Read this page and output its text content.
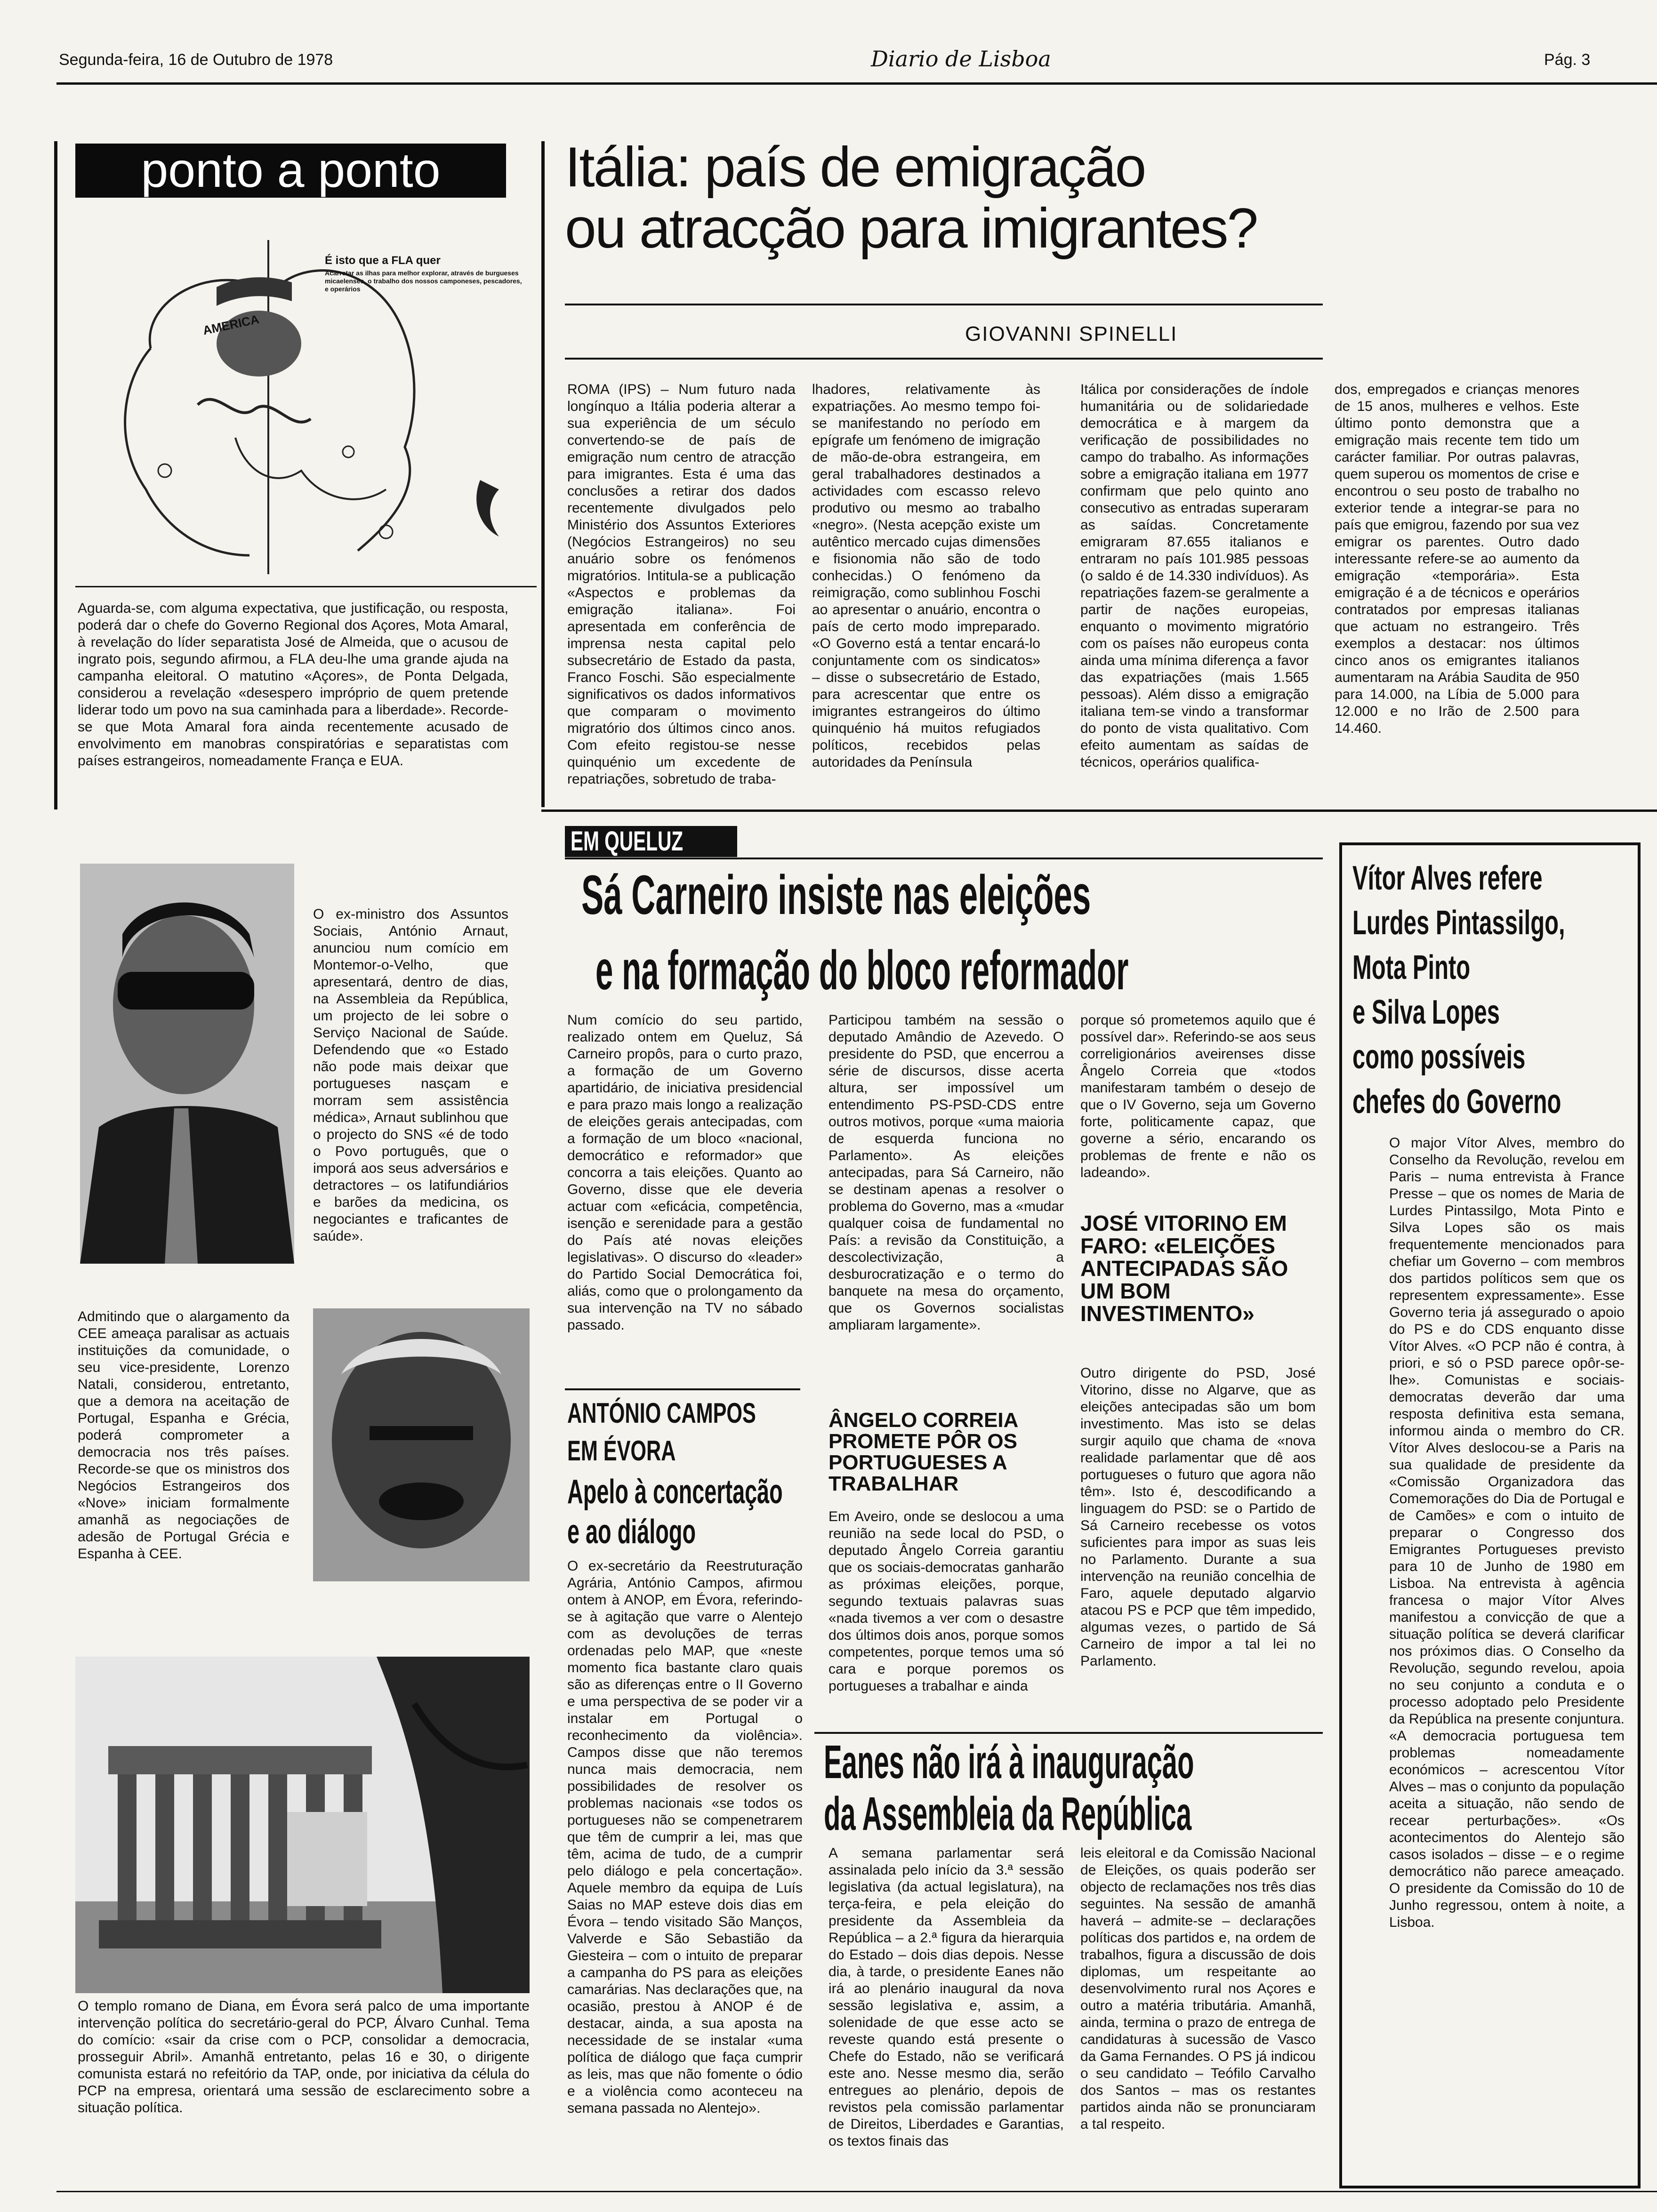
Segunda-feira, 16 de Outubro de 1978	Diario de Lisboa	Pág. 3
ponto a ponto
AMERICA
É isto que a FLA quer
Acarretar as ilhas para melhor explorar, através de burgueses micaelenses, o trabalho dos nossos camponeses, pescadores, e operários

Aguarda-se, com alguma expectativa, que justificação, ou resposta, poderá dar o chefe do Governo Regional dos Açores, Mota Amaral, à revelação do líder separatista José de Almeida, que o acusou de ingrato pois, segundo afirmou, a FLA deu-lhe uma grande ajuda na campanha eleitoral. O matutino «Açores», de Ponta Delgada, considerou a revelação «desespero impróprio de quem pretende liderar todo um povo na sua caminhada para a liberdade». Recorde-se que Mota Amaral fora ainda recentemente acusado de envolvimento em manobras conspiratórias e separatistas com países estrangeiros, nomeadamente França e EUA.

O ex-ministro dos Assuntos Sociais, António Arnaut, anunciou num comício em Montemor-o-Velho, que apresentará, dentro de dias, na Assembleia da República, um projecto de lei sobre o Serviço Nacional de Saúde. Defendendo que «o Estado não pode mais deixar que portugueses nasçam e morram sem assistência médica», Arnaut sublinhou que o projecto do SNS «é de todo o Povo português, que o imporá aos seus adversários e detractores – os latifundiários e barões da medicina, os negociantes e traficantes de saúde».

Admitindo que o alargamento da CEE ameaça paralisar as actuais instituições da comunidade, o seu vice-presidente, Lorenzo Natali, considerou, entretanto, que a demora na aceitação de Portugal, Espanha e Grécia, poderá comprometer a democracia nos três países. Recorde-se que os ministros dos Negócios Estrangeiros dos «Nove» iniciam formalmente amanhã as negociações de adesão de Portugal Grécia e Espanha à CEE.

O templo romano de Diana, em Évora será palco de uma importante intervenção política do secretário-geral do PCP, Álvaro Cunhal. Tema do comício: «sair da crise com o PCP, consolidar a democracia, prosseguir Abril». Amanhã entretanto, pelas 16 e 30, o dirigente comunista estará no refeitório da TAP, onde, por iniciativa da célula do PCP na empresa, orientará uma sessão de esclarecimento sobre a situação política.

Itália: país de emigração
ou atracção para imigrantes?
GIOVANNI SPINELLI

ROMA (IPS) – Num futuro nada longínquo a Itália poderia alterar a sua experiência de um século convertendo-se de país de emigração num centro de atracção para imigrantes. Esta é uma das conclusões a retirar dos dados recentemente divulgados pelo Ministério dos Assuntos Exteriores (Negócios Estrangeiros) no seu anuário sobre os fenómenos migratórios. Intitula-se a publicação «Aspectos e problemas da emigração italiana». Foi apresentada em conferência de imprensa nesta capital pelo subsecretário de Estado da pasta, Franco Foschi. São especialmente significativos os dados informativos que comparam o movimento migratório dos últimos cinco anos. Com efeito registou-se nesse quinquénio um excedente de repatriações, sobretudo de traba-

lhadores, relativamente às expatriações. Ao mesmo tempo foi-se manifestando no período em epígrafe um fenómeno de imigração de mão-de-obra estrangeira, em geral trabalhadores destinados a actividades com escasso relevo produtivo ou mesmo ao trabalho «negro». (Nesta acepção existe um autêntico mercado cujas dimensões e fisionomia não são de todo conhecidas.) O fenómeno da reimigração, como sublinhou Foschi ao apresentar o anuário, encontra o país de certo modo impreparado. «O Governo está a tentar encará-lo conjuntamente com os sindicatos» – disse o subsecretário de Estado, para acrescentar que entre os imigrantes estrangeiros do último quinquénio há muitos refugiados políticos, recebidos pelas autoridades da Península

Itálica por considerações de índole humanitária ou de solidariedade democrática e à margem da verificação de possibilidades no campo do trabalho. As informações sobre a emigração italiana em 1977 confirmam que pelo quinto ano consecutivo as entradas superaram as saídas. Concretamente emigraram 87.655 italianos e entraram no país 101.985 pessoas (o saldo é de 14.330 indivíduos). As repatriações fazem-se geralmente a partir de nações europeias, enquanto o movimento migratório com os países não europeus conta ainda uma mínima diferença a favor das expatriações (mais 1.565 pessoas). Além disso a emigração italiana tem-se vindo a transformar do ponto de vista qualitativo. Com efeito aumentam as saídas de técnicos, operários qualifica-

dos, empregados e crianças menores de 15 anos, mulheres e velhos. Este último ponto demonstra que a emigração mais recente tem tido um carácter familiar. Por outras palavras, quem superou os momentos de crise e encontrou o seu posto de trabalho no exterior tende a integrar-se para no país que emigrou, fazendo por sua vez emigrar os parentes. Outro dado interessante refere-se ao aumento da emigração «temporária». Esta emigração é a de técnicos e operários contratados por empresas italianas que actuam no estrangeiro. Três exemplos a destacar: nos últimos cinco anos os emigrantes italianos aumentaram na Arábia Saudita de 950 para 14.000, na Líbia de 5.000 para 12.000 e no Irão de 2.500 para 14.460.

EM QUELUZ
Sá Carneiro insiste nas eleições
e na formação do bloco reformador

Num comício do seu partido, realizado ontem em Queluz, Sá Carneiro propôs, para o curto prazo, a formação de um Governo apartidário, de iniciativa presidencial e para prazo mais longo a realização de eleições gerais antecipadas, com a formação de um bloco «nacional, democrático e reformador» que concorra a tais eleições. Quanto ao Governo, disse que ele deveria actuar com «eficácia, competência, isenção e serenidade para a gestão do País até novas eleições legislativas». O discurso do «leader» do Partido Social Democrática foi, aliás, como que o prolongamento da sua intervenção na TV no sábado passado.

Participou também na sessão o deputado Amândio de Azevedo. O presidente do PSD, que encerrou a série de discursos, disse acerta altura, ser impossível um entendimento PS-PSD-CDS entre outros motivos, porque «uma maioria de esquerda funciona no Parlamento». As eleições antecipadas, para Sá Carneiro, não se destinam apenas a resolver o problema do Governo, mas a «mudar qualquer coisa de fundamental no País: a revisão da Constituição, a descolectivização, a desburocratização e o termo do banquete na mesa do orçamento, que os Governos socialistas ampliaram largamente».

porque só prometemos aquilo que é possível dar». Referindo-se aos seus correligionários aveirenses disse Ângelo Correia que «todos manifestaram também o desejo de que o IV Governo, seja um Governo forte, politicamente capaz, que governe a sério, encarando os problemas de frente e não os ladeando».

JOSÉ VITORINO EM FARO: «ELEIÇÕES ANTECIPADAS SÃO UM BOM INVESTIMENTO»

Outro dirigente do PSD, José Vitorino, disse no Algarve, que as eleições antecipadas são um bom investimento. Mas isto se delas surgir aquilo que chama de «nova realidade parlamentar que dê aos portugueses o futuro que agora não têm». Isto é, descodificando a linguagem do PSD: se o Partido de Sá Carneiro recebesse os votos suficientes para impor as suas leis no Parlamento. Durante a sua intervenção na reunião concelhia de Faro, aquele deputado algarvio atacou PS e PCP que têm impedido, algumas vezes, o partido de Sá Carneiro de impor a tal lei no Parlamento.

ÂNGELO CORREIA PROMETE PÔR OS PORTUGUESES A TRABALHAR

Em Aveiro, onde se deslocou a uma reunião na sede local do PSD, o deputado Ângelo Correia garantiu que os sociais-democratas ganharão as próximas eleições, porque, segundo textuais palavras suas «nada tivemos a ver com o desastre dos últimos dois anos, porque somos competentes, porque temos uma só cara e porque poremos os portugueses a trabalhar e ainda

ANTÓNIO CAMPOS
EM ÉVORA
Apelo à concertação
e ao diálogo

O ex-secretário da Reestruturação Agrária, António Campos, afirmou ontem à ANOP, em Évora, referindo-se à agitação que varre o Alentejo com as devoluções de terras ordenadas pelo MAP, que «neste momento fica bastante claro quais são as diferenças entre o II Governo e uma perspectiva de se poder vir a instalar em Portugal o reconhecimento da violência». Campos disse que não teremos nunca mais democracia, nem possibilidades de resolver os problemas nacionais «se todos os portugueses não se compenetrarem que têm de cumprir a lei, mas que têm, acima de tudo, de a cumprir pelo diálogo e pela concertação». Aquele membro da equipa de Luís Saias no MAP esteve dois dias em Évora – tendo visitado São Manços, Valverde e São Sebastião da Giesteira – com o intuito de preparar a campanha do PS para as eleições camarárias. Nas declarações que, na ocasião, prestou à ANOP é de destacar, ainda, a sua aposta na necessidade de se instalar «uma política de diálogo que faça cumprir as leis, mas que não fomente o ódio e a violência como aconteceu na semana passada no Alentejo».

Eanes não irá à inauguração
da Assembleia da República

A semana parlamentar será assinalada pelo início da 3.ª sessão legislativa (da actual legislatura), na terça-feira, e pela eleição do presidente da Assembleia da República – a 2.ª figura da hierarquia do Estado – dois dias depois. Nesse dia, à tarde, o presidente Eanes não irá ao plenário inaugural da nova sessão legislativa e, assim, a solenidade de que esse acto se reveste quando está presente o Chefe do Estado, não se verificará este ano. Nesse mesmo dia, serão entregues ao plenário, depois de revistos pela comissão parlamentar de Direitos, Liberdades e Garantias, os textos finais das

leis eleitoral e da Comissão Nacional de Eleições, os quais poderão ser objecto de reclamações nos três dias seguintes. Na sessão de amanhã haverá – admite-se – declarações políticas dos partidos e, na ordem de trabalhos, figura a discussão de dois diplomas, um respeitante ao desenvolvimento rural nos Açores e outro a matéria tributária. Amanhã, ainda, termina o prazo de entrega de candidaturas à sucessão de Vasco da Gama Fernandes. O PS já indicou o seu candidato – Teófilo Carvalho dos Santos – mas os restantes partidos ainda não se pronunciaram a tal respeito.

Vítor Alves refere
Lurdes Pintassilgo,
Mota Pinto
e Silva Lopes
como possíveis
chefes do Governo

O major Vítor Alves, membro do Conselho da Revolução, revelou em Paris – numa entrevista à France Presse – que os nomes de Maria de Lurdes Pintassilgo, Mota Pinto e Silva Lopes são os mais frequentemente mencionados para chefiar um Governo – com membros dos partidos políticos sem que os representem expressamente». Esse Governo teria já assegurado o apoio do PS e do CDS enquanto disse Vítor Alves. «O PCP não é contra, à priori, e só o PSD parece opôr-se-lhe». Comunistas e sociais-democratas deverão dar uma resposta definitiva esta semana, informou ainda o membro do CR. Vítor Alves deslocou-se a Paris na sua qualidade de presidente da «Comissão Organizadora das Comemorações do Dia de Portugal e de Camões» e com o intuito de preparar o Congresso dos Emigrantes Portugueses previsto para 10 de Junho de 1980 em Lisboa. Na entrevista à agência francesa o major Vítor Alves manifestou a convicção de que a situação política se deverá clarificar nos próximos dias. O Conselho da Revolução, segundo revelou, apoia no seu conjunto a conduta e o processo adoptado pelo Presidente da República na presente conjuntura. «A democracia portuguesa tem problemas nomeadamente económicos – acrescentou Vítor Alves – mas o conjunto da população aceita a situação, não sendo de recear perturbações». «Os acontecimentos do Alentejo são casos isolados – disse – e o regime democrático não parece ameaçado. O presidente da Comissão do 10 de Junho regressou, ontem à noite, a Lisboa.
